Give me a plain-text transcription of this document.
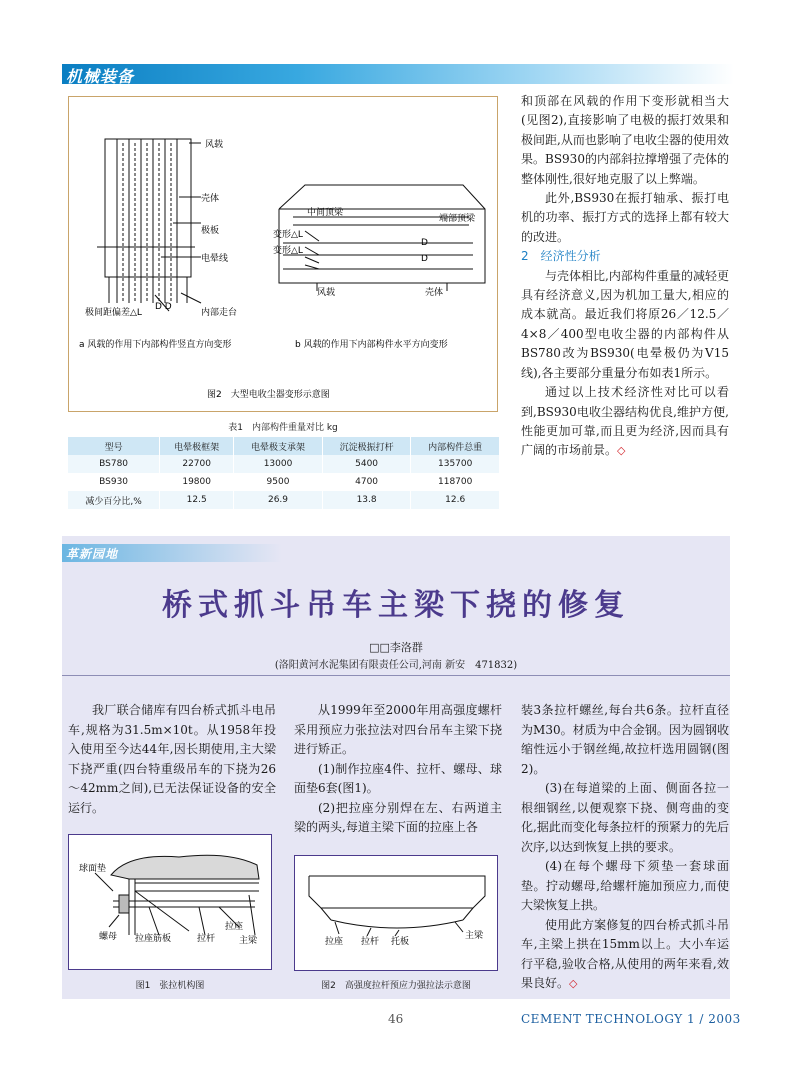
机械装备
风载
壳体
极板
电晕线
极间距偏差△L
D D
内部走台
中间顶梁
端部顶梁
变形△L
变形△L
D
D
风载	壳体
a 风载的作用下内部构件竖直方向变形	b 风载的作用下内部构件水平方向变形
图2　大型电收尘器变形示意图
表1　内部构件重量对比 kg
型号	电晕极框架	电晕极支承架	沉淀极振打杆	内部构件总重
BS780	22700	13000	5400	135700
BS930	19800	9500	4700	118700
减少百分比,%	12.5	26.9	13.8	12.6

和顶部在风载的作用下变形就相当大(见图2),直接影响了电极的振打效果和极间距,从而也影响了电收尘器的使用效果。BS930的内部斜拉撑增强了壳体的整体刚性,很好地克服了以上弊端。

此外,BS930在振打轴承、振打电机的功率、振打方式的选择上都有较大的改进。

2　经济性分析

与壳体相比,内部构件重量的减轻更具有经济意义,因为机加工量大,相应的成本就高。最近我们将原26／12.5／4×8／400型电收尘器的内部构件从BS780改为BS930(电晕极仍为V15线),各主要部分重量分布如表1所示。

通过以上技术经济性对比可以看到,BS930电收尘器结构优良,维护方便,性能更加可靠,而且更为经济,因而具有广阔的市场前景。◇

革新园地
桥式抓斗吊车主梁下挠的修复
□□李洛群
(洛阳黄河水泥集团有限责任公司,河南 新安　471832)

我厂联合储库有四台桥式抓斗电吊车,规格为31.5m×10t。从1958年投入使用至今达44年,因长期使用,主大梁下挠严重(四台特重级吊车的下挠为26～42mm之间),已无法保证设备的安全运行。

从1999年至2000年用高强度螺杆采用预应力张拉法对四台吊车主梁下挠进行矫正。

(1)制作拉座4件、拉杆、螺母、球面垫6套(图1)。

(2)把拉座分别焊在左、右两道主梁的两头,每道主梁下面的拉座上各

装3条拉杆螺丝,每台共6条。拉杆直径为M30。材质为中合金钢。因为圆钢收缩性远小于钢丝绳,故拉杆选用圆钢(图2)。

(3)在每道梁的上面、侧面各拉一根细钢丝,以便观察下挠、侧弯曲的变化,据此而变化每条拉杆的预紧力的先后次序,以达到恢复上拱的要求。

(4)在每个螺母下须垫一套球面垫。拧动螺母,给螺杆施加预应力,而使大梁恢复上拱。

使用此方案修复的四台桥式抓斗吊车,主梁上拱在15mm以上。大小车运行平稳,验收合格,从使用的两年来看,效果良好。◇

球面垫
螺母 拉座筋板	拉杆
拉座
主梁
图1　张拉机构图
拉座 拉杆 托板
主梁
图2　高强度拉杆预应力强拉法示意图
46	CEMENT TECHNOLOGY 1 / 2003
